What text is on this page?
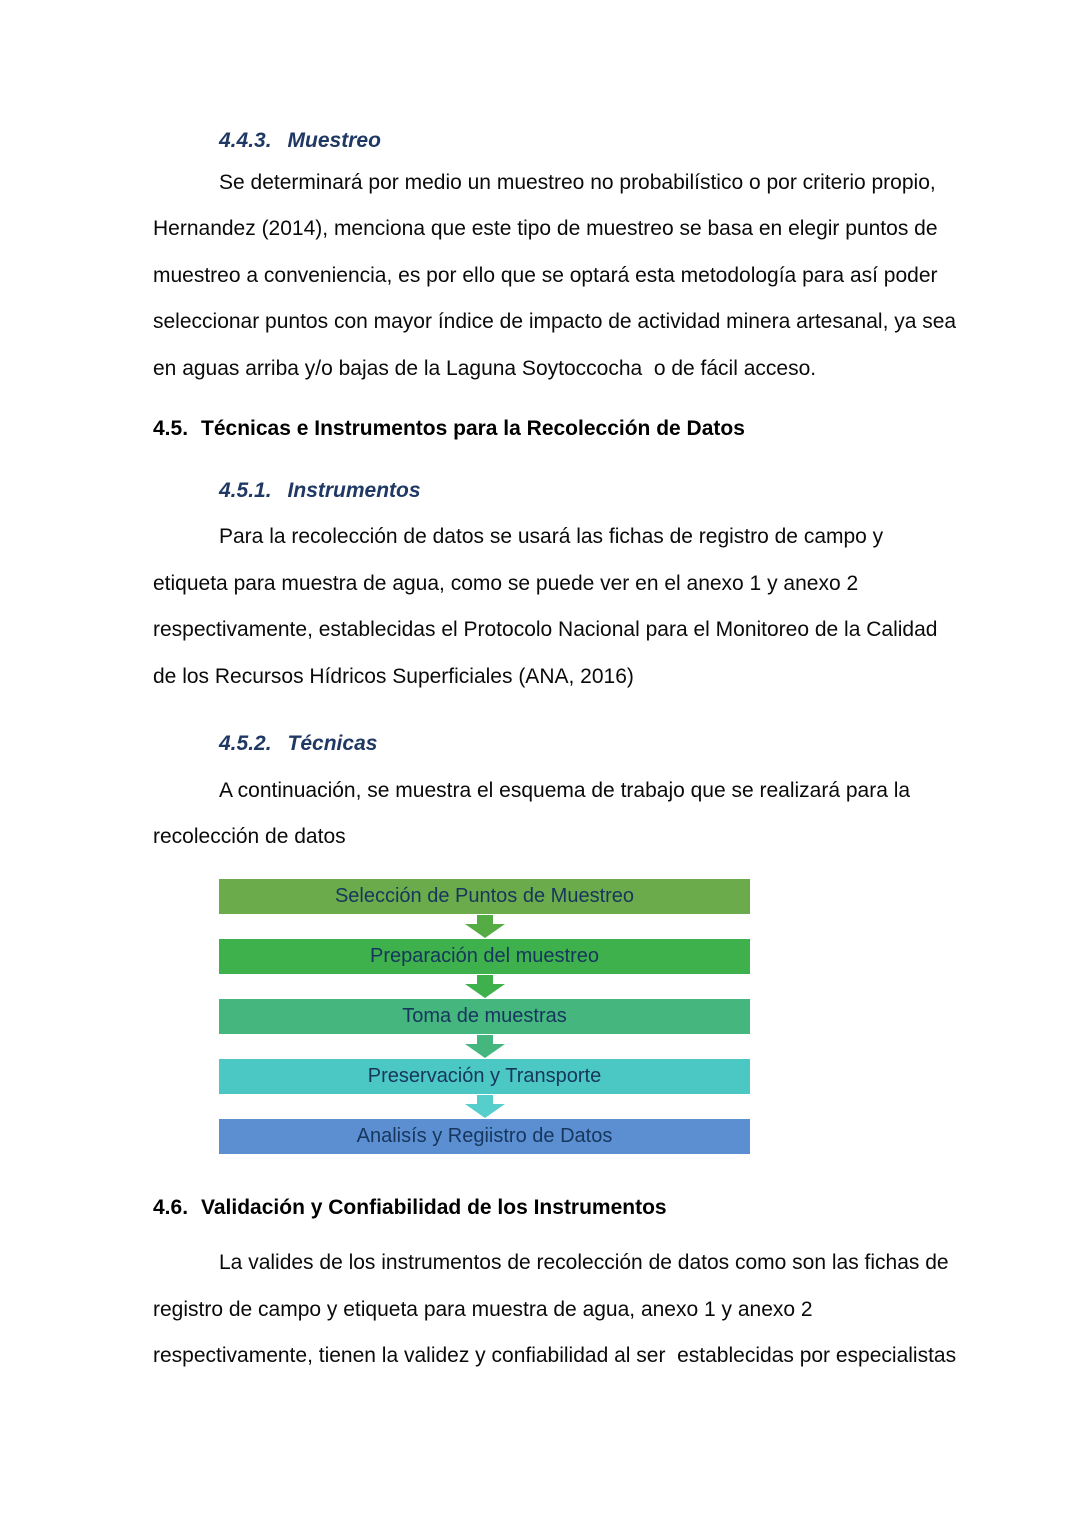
4.4.3. Muestreo
Se determinará por medio un muestreo no probabilístico o por criterio propio,
Hernandez (2014), menciona que este tipo de muestreo se basa en elegir puntos de
muestreo a conveniencia, es por ello que se optará esta metodología para así poder
seleccionar puntos con mayor índice de impacto de actividad minera artesanal, ya sea
en aguas arriba y/o bajas de la Laguna Soytoccocha  o de fácil acceso.
4.5. Técnicas e Instrumentos para la Recolección de Datos
4.5.1. Instrumentos
Para la recolección de datos se usará las fichas de registro de campo y
etiqueta para muestra de agua, como se puede ver en el anexo 1 y anexo 2
respectivamente, establecidas el Protocolo Nacional para el Monitoreo de la Calidad
de los Recursos Hídricos Superficiales (ANA, 2016)
4.5.2. Técnicas
A continuación, se muestra el esquema de trabajo que se realizará para la
recolección de datos
Selección de Puntos de Muestreo
Preparación del muestreo
Toma de muestras
Preservación y Transporte
Analisís y Regiistro de Datos
4.6. Validación y Confiabilidad de los Instrumentos
La valides de los instrumentos de recolección de datos como son las fichas de
registro de campo y etiqueta para muestra de agua, anexo 1 y anexo 2
respectivamente, tienen la validez y confiabilidad al ser  establecidas por especialistas
